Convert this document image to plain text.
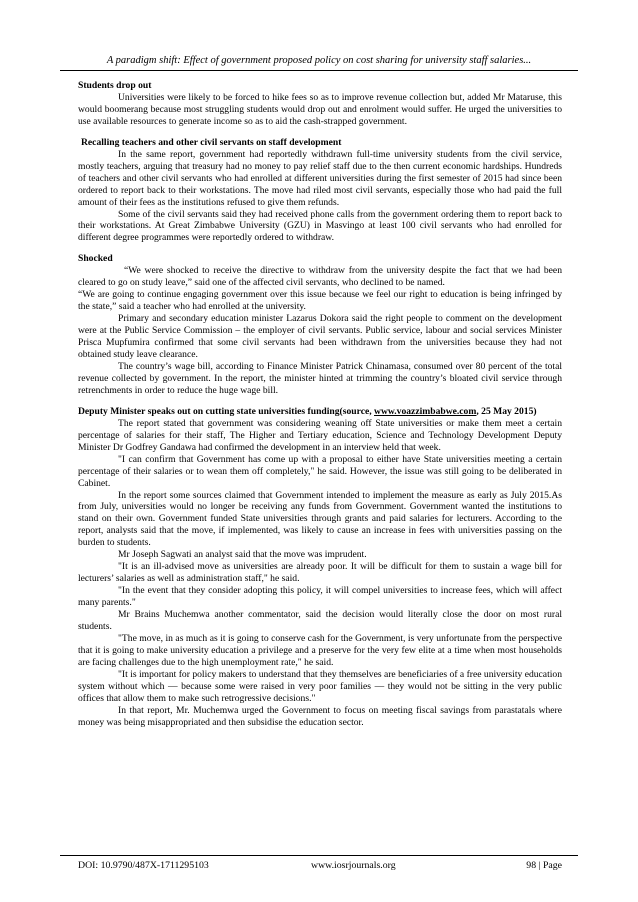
A paradigm shift: Effect of government proposed policy on cost sharing for university staff salaries...
Students drop out

Universities were likely to be forced to hike fees so as to improve revenue collection but, added Mr Mataruse, this would boomerang because most struggling students would drop out and enrolment would suffer. He urged the universities to use available resources to generate income so as to aid the cash-strapped government.

Recalling teachers and other civil servants on staff development

In the same report, government had reportedly withdrawn full-time university students from the civil service, mostly teachers, arguing that treasury had no money to pay relief staff due to the then current economic hardships. Hundreds of teachers and other civil servants who had enrolled at different universities during the first semester of 2015 had since been ordered to report back to their workstations. The move had riled most civil servants, especially those who had paid the full amount of their fees as the institutions refused to give them refunds.

Some of the civil servants said they had received phone calls from the government ordering them to report back to their workstations. At Great Zimbabwe University (GZU) in Masvingo at least 100 civil servants who had enrolled for different degree programmes were reportedly ordered to withdraw.

Shocked

“We were shocked to receive the directive to withdraw from the university despite the fact that we had been cleared to go on study leave,” said one of the affected civil servants, who declined to be named.

“We are going to continue engaging government over this issue because we feel our right to education is being infringed by the state,” said a teacher who had enrolled at the university.

Primary and secondary education minister Lazarus Dokora said the right people to comment on the development were at the Public Service Commission – the employer of civil servants. Public service, labour and social services Minister Prisca Mupfumira confirmed that some civil servants had been withdrawn from the universities because they had not obtained study leave clearance.

The country’s wage bill, according to Finance Minister Patrick Chinamasa, consumed over 80 percent of the total revenue collected by government. In the report, the minister hinted at trimming the country’s bloated civil service through retrenchments in order to reduce the huge wage bill.

Deputy Minister speaks out on cutting state universities funding(source, www.voazzimbabwe.com, 25 May 2015)

The report stated that government was considering weaning off State universities or make them meet a certain percentage of salaries for their staff, The Higher and Tertiary education, Science and Technology Development Deputy Minister Dr Godfrey Gandawa had confirmed the development in an interview held that week.

"I can confirm that Government has come up with a proposal to either have State universities meeting a certain percentage of their salaries or to wean them off completely," he said. However, the issue was still going to be deliberated in Cabinet.

In the report some sources claimed that Government intended to implement the measure as early as July 2015.As from July, universities would no longer be receiving any funds from Government. Government wanted the institutions to stand on their own. Government funded State universities through grants and paid salaries for lecturers. According to the report, analysts said that the move, if implemented, was likely to cause an increase in fees with universities passing on the burden to students.

Mr Joseph Sagwati an analyst said that the move was imprudent.

"It is an ill-advised move as universities are already poor. It will be difficult for them to sustain a wage bill for lecturers’ salaries as well as administration staff," he said.

"In the event that they consider adopting this policy, it will compel universities to increase fees, which will affect many parents."

Mr Brains Muchemwa another commentator, said the decision would literally close the door on most rural students.

"The move, in as much as it is going to conserve cash for the Government, is very unfortunate from the perspective that it is going to make university education a privilege and a preserve for the very few elite at a time when most households are facing challenges due to the high unemployment rate," he said.

"It is important for policy makers to understand that they themselves are beneficiaries of a free university education system without which — because some were raised in very poor families — they would not be sitting in the very public offices that allow them to make such retrogressive decisions."

In that report, Mr. Muchemwa urged the Government to focus on meeting fiscal savings from parastatals where money was being misappropriated and then subsidise the education sector.

DOI: 10.9790/487X-1711295103	www.iosrjournals.org	98 | Page
